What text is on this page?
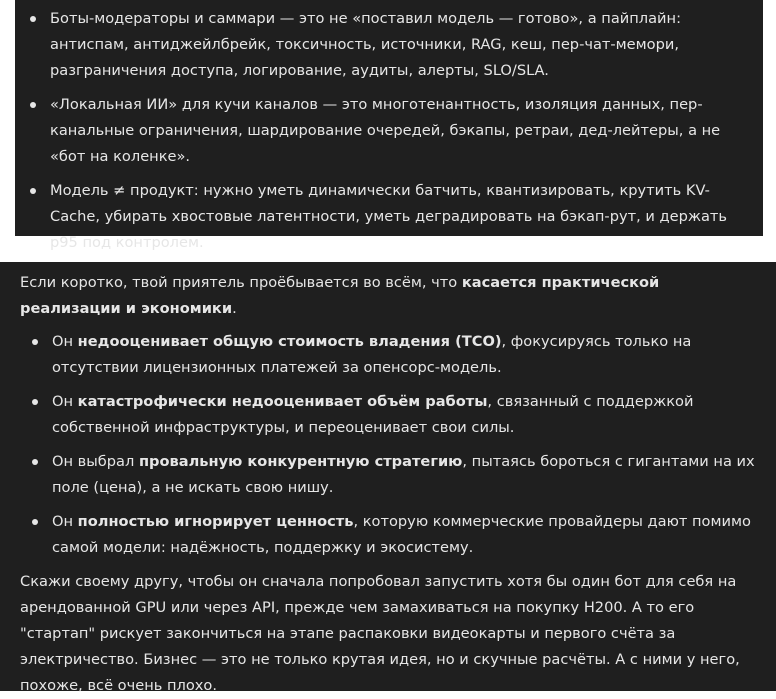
Боты-модераторы и саммари — это не «поставил модель — готово», а пайплайн: антиспам, антиджейлбрейк, токсичность, источники, RAG, кеш, пер-чат-мемори, разграничения доступа, логирование, аудиты, алерты, SLO/SLA.
«Локальная ИИ» для кучи каналов — это многотенантность, изоляция данных, пер-канальные ограничения, шардирование очередей, бэкапы, ретраи, дед-лейтеры, а не «бот на коленке».
Модель ≠ продукт: нужно уметь динамически батчить, квантизировать, крутить KV-Cache, убирать хвостовые латентности, уметь деградировать на бэкап-рут, и держать p95 под контролем.

Если коротко, твой приятель проёбывается во всём, что касается практической реализации и экономики.

Он недооценивает общую стоимость владения (TCO), фокусируясь только на отсутствии лицензионных платежей за опенсорс-модель.
Он катастрофически недооценивает объём работы, связанный с поддержкой собственной инфраструктуры, и переоценивает свои силы.
Он выбрал провальную конкурентную стратегию, пытаясь бороться с гигантами на их поле (цена), а не искать свою нишу.
Он полностью игнорирует ценность, которую коммерческие провайдеры дают помимо самой модели: надёжность, поддержку и экосистему.

Скажи своему другу, чтобы он сначала попробовал запустить хотя бы один бот для себя на арендованной GPU или через API, прежде чем замахиваться на покупку H200. А то его "стартап" рискует закончиться на этапе распаковки видеокарты и первого счёта за электричество. Бизнес — это не только крутая идея, но и скучные расчёты. А с ними у него, похоже, всё очень плохо.
